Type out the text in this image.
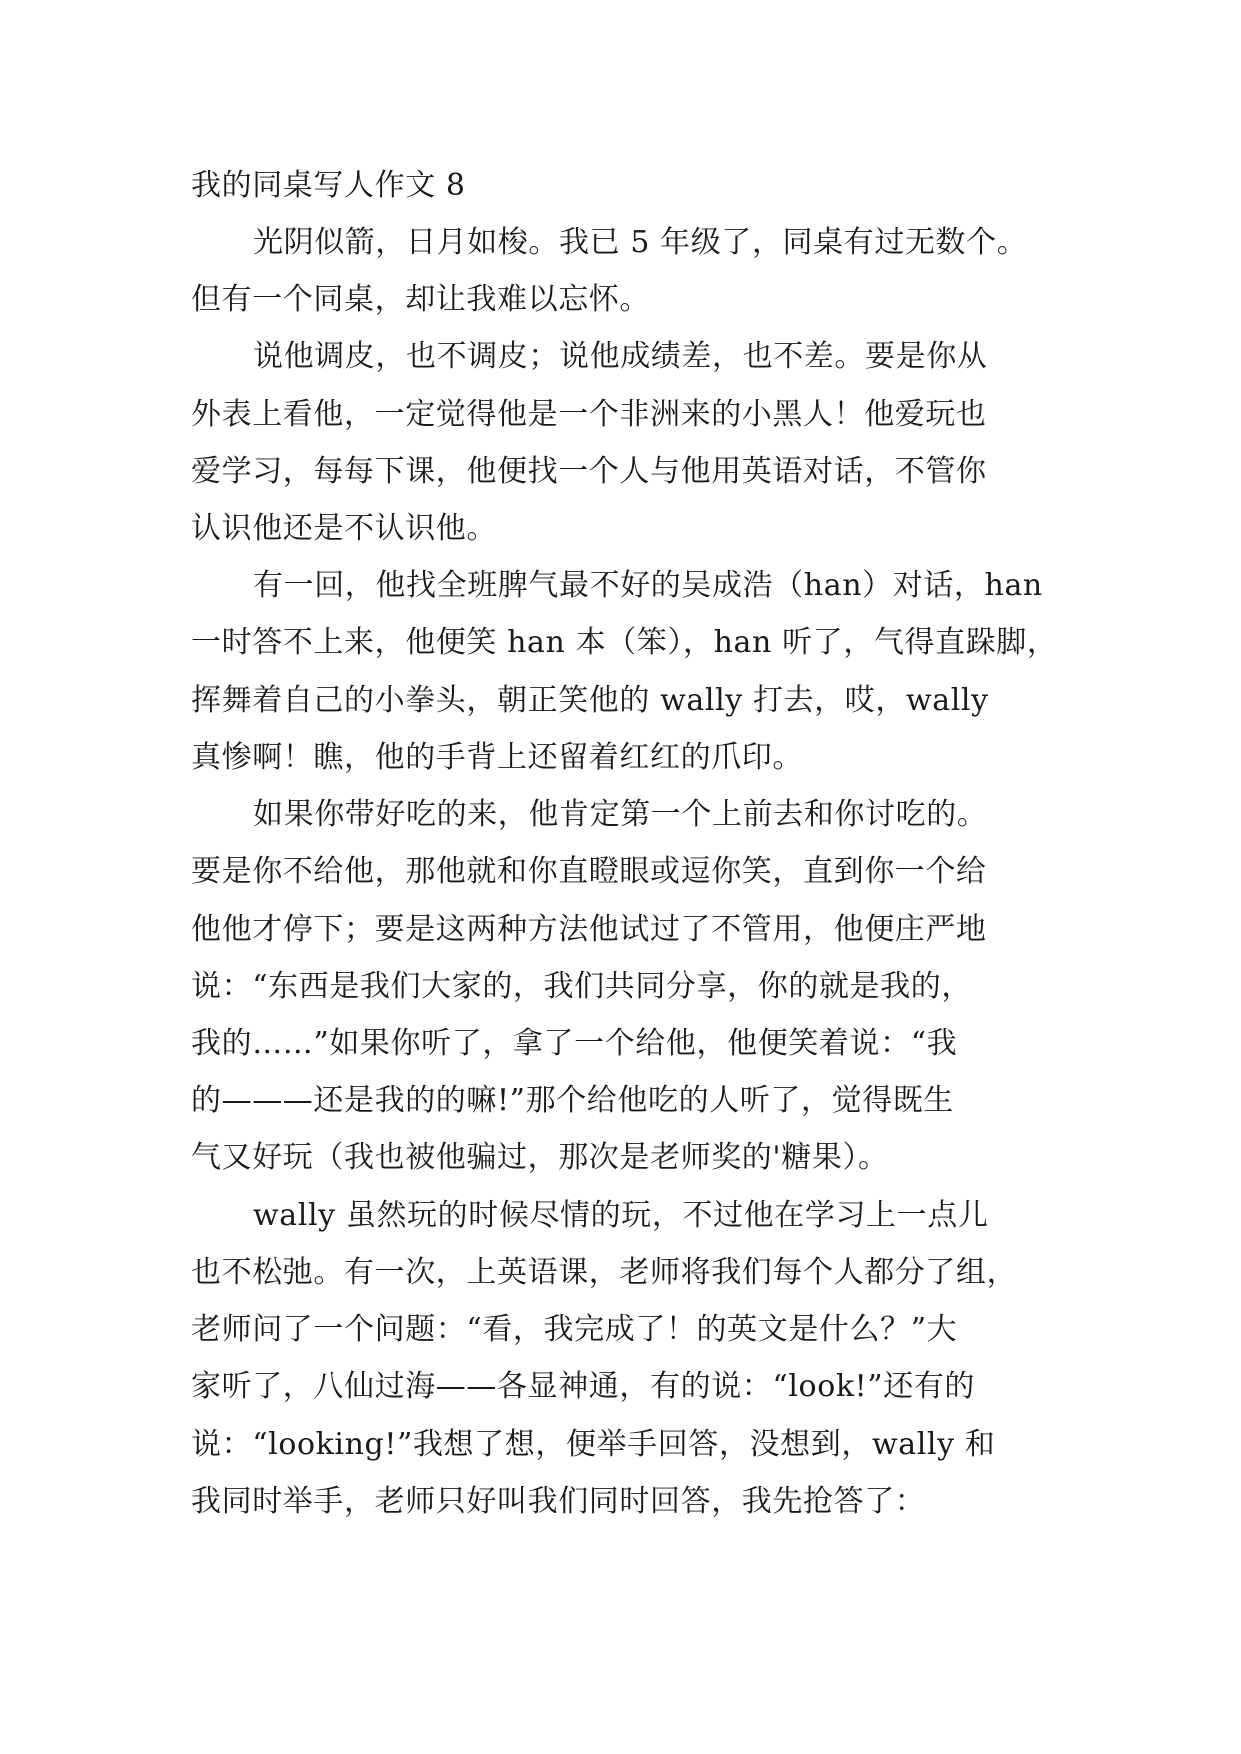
我的同桌写人作文 8

光阴似箭，日月如梭。我已 5 年级了，同桌有过无数个。

但有一个同桌，却让我难以忘怀。

说他调皮，也不调皮；说他成绩差，也不差。要是你从

外表上看他，一定觉得他是一个非洲来的小黑人！他爱玩也

爱学习，每每下课，他便找一个人与他用英语对话，不管你

认识他还是不认识他。

有一回，他找全班脾气最不好的吴成浩（han）对话，han

一时答不上来，他便笑 han 本（笨），han 听了，气得直跺脚，

挥舞着自己的小拳头，朝正笑他的 wally 打去，哎，wally

真惨啊！瞧，他的手背上还留着红红的爪印。

如果你带好吃的来，他肯定第一个上前去和你讨吃的。

要是你不给他，那他就和你直瞪眼或逗你笑，直到你一个给

他他才停下；要是这两种方法他试过了不管用，他便庄严地

说：“东西是我们大家的，我们共同分享，你的就是我的，

我的……”如果你听了，拿了一个给他，他便笑着说：“我

的———还是我的的嘛!”那个给他吃的人听了，觉得既生

气又好玩（我也被他骗过，那次是老师奖的'糖果）。

wally 虽然玩的时候尽情的玩，不过他在学习上一点儿

也不松弛。有一次，上英语课，老师将我们每个人都分了组，

老师问了一个问题：“看，我完成了！的英文是什么？”大

家听了，八仙过海——各显神通，有的说：“look!”还有的

说：“looking!”我想了想，便举手回答，没想到，wally 和

我同时举手，老师只好叫我们同时回答，我先抢答了：
